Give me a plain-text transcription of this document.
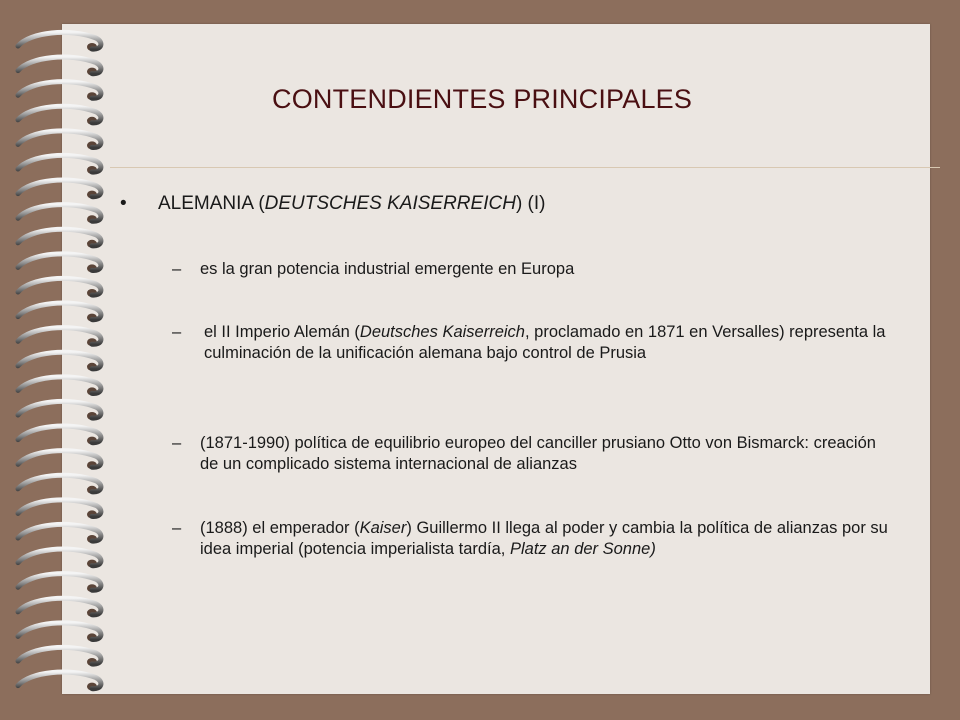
CONTENDIENTES PRINCIPALES
• ALEMANIA (DEUTSCHES KAISERREICH) (I)
– es la gran potencia industrial emergente en Europa
– el II Imperio Alemán (Deutsches Kaiserreich, proclamado en 1871 en Versalles) representa la culminación de la unificación alemana bajo control de Prusia
– (1871-1990) política de equilibrio europeo del canciller prusiano Otto von Bismarck: creación de un complicado sistema internacional de alianzas
– (1888) el emperador (Kaiser) Guillermo II llega al poder y cambia la política de alianzas por su idea imperial (potencia imperialista tardía, Platz an der Sonne)
